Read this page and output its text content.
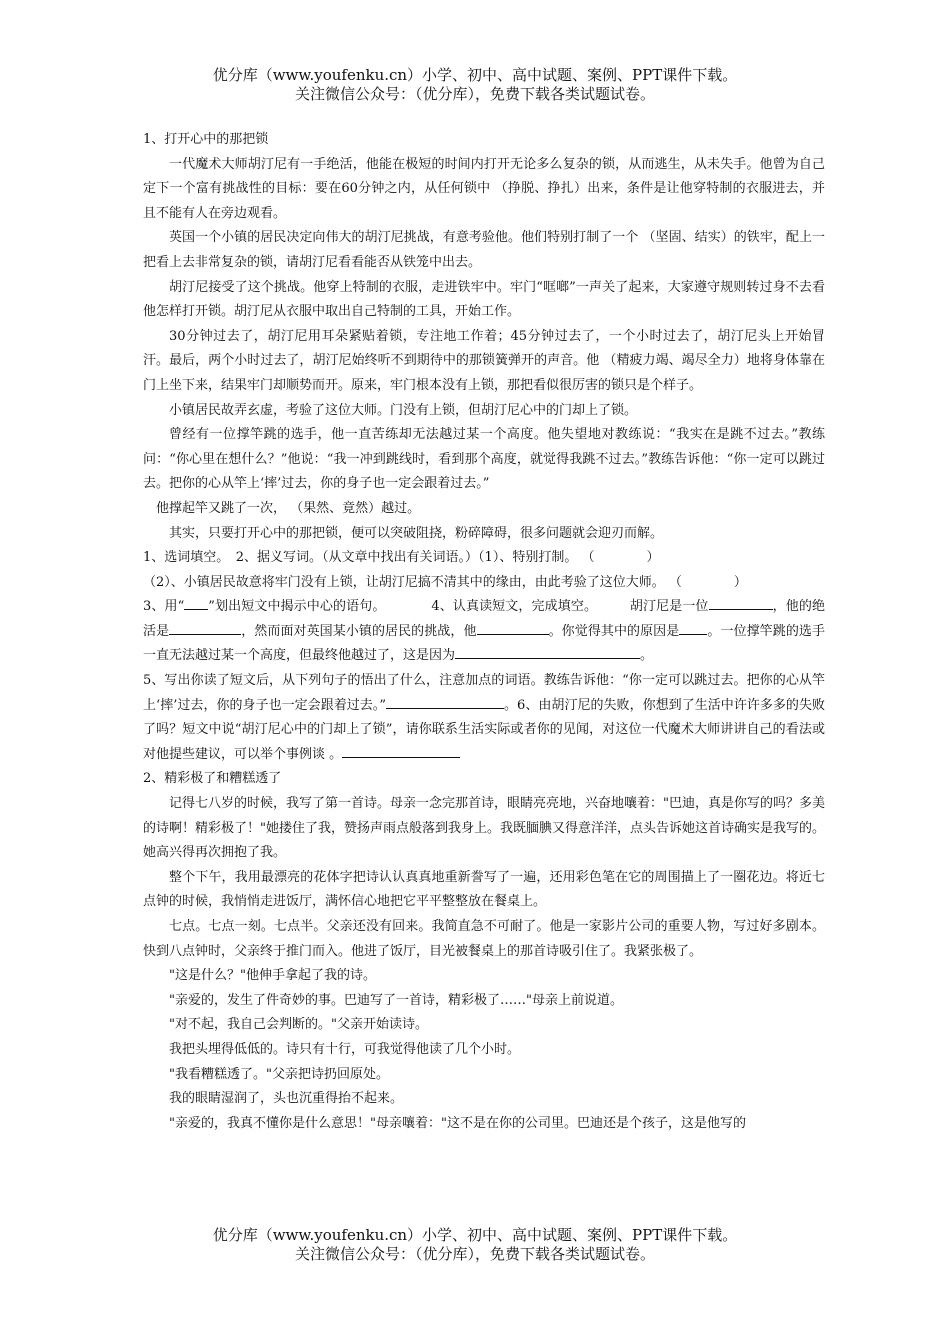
优分库（www.youfenku.cn）小学、初中、高中试题、案例、PPT课件下载。
关注微信公众号：（优分库），免费下载各类试题试卷。

1、打开心中的那把锁

一代魔术大师胡汀尼有一手绝活，他能在极短的时间内打开无论多么复杂的锁，从而逃生，从未失手。他曾为自己定下一个富有挑战性的目标：要在60分钟之内，从任何锁中 （挣脱、挣扎）出来，条件是让他穿特制的衣服进去，并且不能有人在旁边观看。

英国一个小镇的居民决定向伟大的胡汀尼挑战，有意考验他。他们特别打制了一个 （坚固、结实）的铁牢，配上一把看上去非常复杂的锁，请胡汀尼看看能否从铁笼中出去。

胡汀尼接受了这个挑战。他穿上特制的衣服，走进铁牢中。牢门“哐啷”一声关了起来，大家遵守规则转过身不去看他怎样打开锁。胡汀尼从衣服中取出自己特制的工具，开始工作。

30分钟过去了，胡汀尼用耳朵紧贴着锁，专注地工作着；45分钟过去了，一个小时过去了，胡汀尼头上开始冒汗。最后，两个小时过去了，胡汀尼始终听不到期待中的那锁簧弹开的声音。他 （精疲力竭、竭尽全力）地将身体靠在门上坐下来，结果牢门却顺势而开。原来，牢门根本没有上锁，那把看似很厉害的锁只是个样子。

小镇居民故弄玄虚，考验了这位大师。门没有上锁，但胡汀尼心中的门却上了锁。

曾经有一位撑竿跳的选手，他一直苦练却无法越过某一个高度。他失望地对教练说：“我实在是跳不过去。”教练问：“你心里在想什么？”他说：“我一冲到跳线时，看到那个高度，就觉得我跳不过去。”教练告诉他：“你一定可以跳过去。把你的心从竿上‘摔’过去，你的身子也一定会跟着过去。”

他撑起竿又跳了一次， （果然、竟然）越过。

其实，只要打开心中的那把锁，便可以突破阻挠，粉碎障碍，很多问题就会迎刃而解。

1、选词填空。　2、据义写词。（从文章中找出有关词语。）（1）、特别打制。 （　　　　）

（2）、小镇居民故意将牢门没有上锁，让胡汀尼搞不清其中的缘由，由此考验了这位大师。 （　　　　）

3、用“ ”划出短文中揭示中心的语句。　　　　4、认真读短文，完成填空。　　　胡汀尼是一位	，他的绝活是	，然而面对英国某小镇的居民的挑战，他	。你觉得其中的原因是 。一位撑竿跳的选手一直无法越过某一个高度，但最终他越过了，这是因为	。

5、写出你读了短文后，从下列句子的悟出了什么，注意加点的词语。教练告诉他：“你一定可以跳过去。把你的心从竿上‘摔’过去，你的身子也一定会跟着过去。”	。6、由胡汀尼的失败，你想到了生活中许许多多的失败了吗？短文中说“胡汀尼心中的门却上了锁”，请你联系生活实际或者你的见闻，对这位一代魔术大师讲讲自己的看法或对他提些建议，可以举个事例谈 。

2、精彩极了和糟糕透了

记得七八岁的时候，我写了第一首诗。母亲一念完那首诗，眼睛亮亮地，兴奋地嚷着："巴迪，真是你写的吗？多美的诗啊！精彩极了！"她搂住了我，赞扬声雨点般落到我身上。我既腼腆又得意洋洋，点头告诉她这首诗确实是我写的。她高兴得再次拥抱了我。

整个下午，我用最漂亮的花体字把诗认认真真地重新誊写了一遍，还用彩色笔在它的周围描上了一圈花边。将近七点钟的时候，我悄悄走进饭厅，满怀信心地把它平平整整放在餐桌上。

七点。七点一刻。七点半。父亲还没有回来。我简直急不可耐了。他是一家影片公司的重要人物，写过好多剧本。快到八点钟时，父亲终于推门而入。他进了饭厅，目光被餐桌上的那首诗吸引住了。我紧张极了。

"这是什么？"他伸手拿起了我的诗。

"亲爱的，发生了件奇妙的事。巴迪写了一首诗，精彩极了……"母亲上前说道。

"对不起，我自己会判断的。"父亲开始读诗。

我把头埋得低低的。诗只有十行，可我觉得他读了几个小时。

"我看糟糕透了。"父亲把诗扔回原处。

我的眼睛湿润了，头也沉重得抬不起来。

"亲爱的，我真不懂你是什么意思！"母亲嚷着："这不是在你的公司里。巴迪还是个孩子，这是他写的

优分库（www.youfenku.cn）小学、初中、高中试题、案例、PPT课件下载。
关注微信公众号：（优分库），免费下载各类试题试卷。
